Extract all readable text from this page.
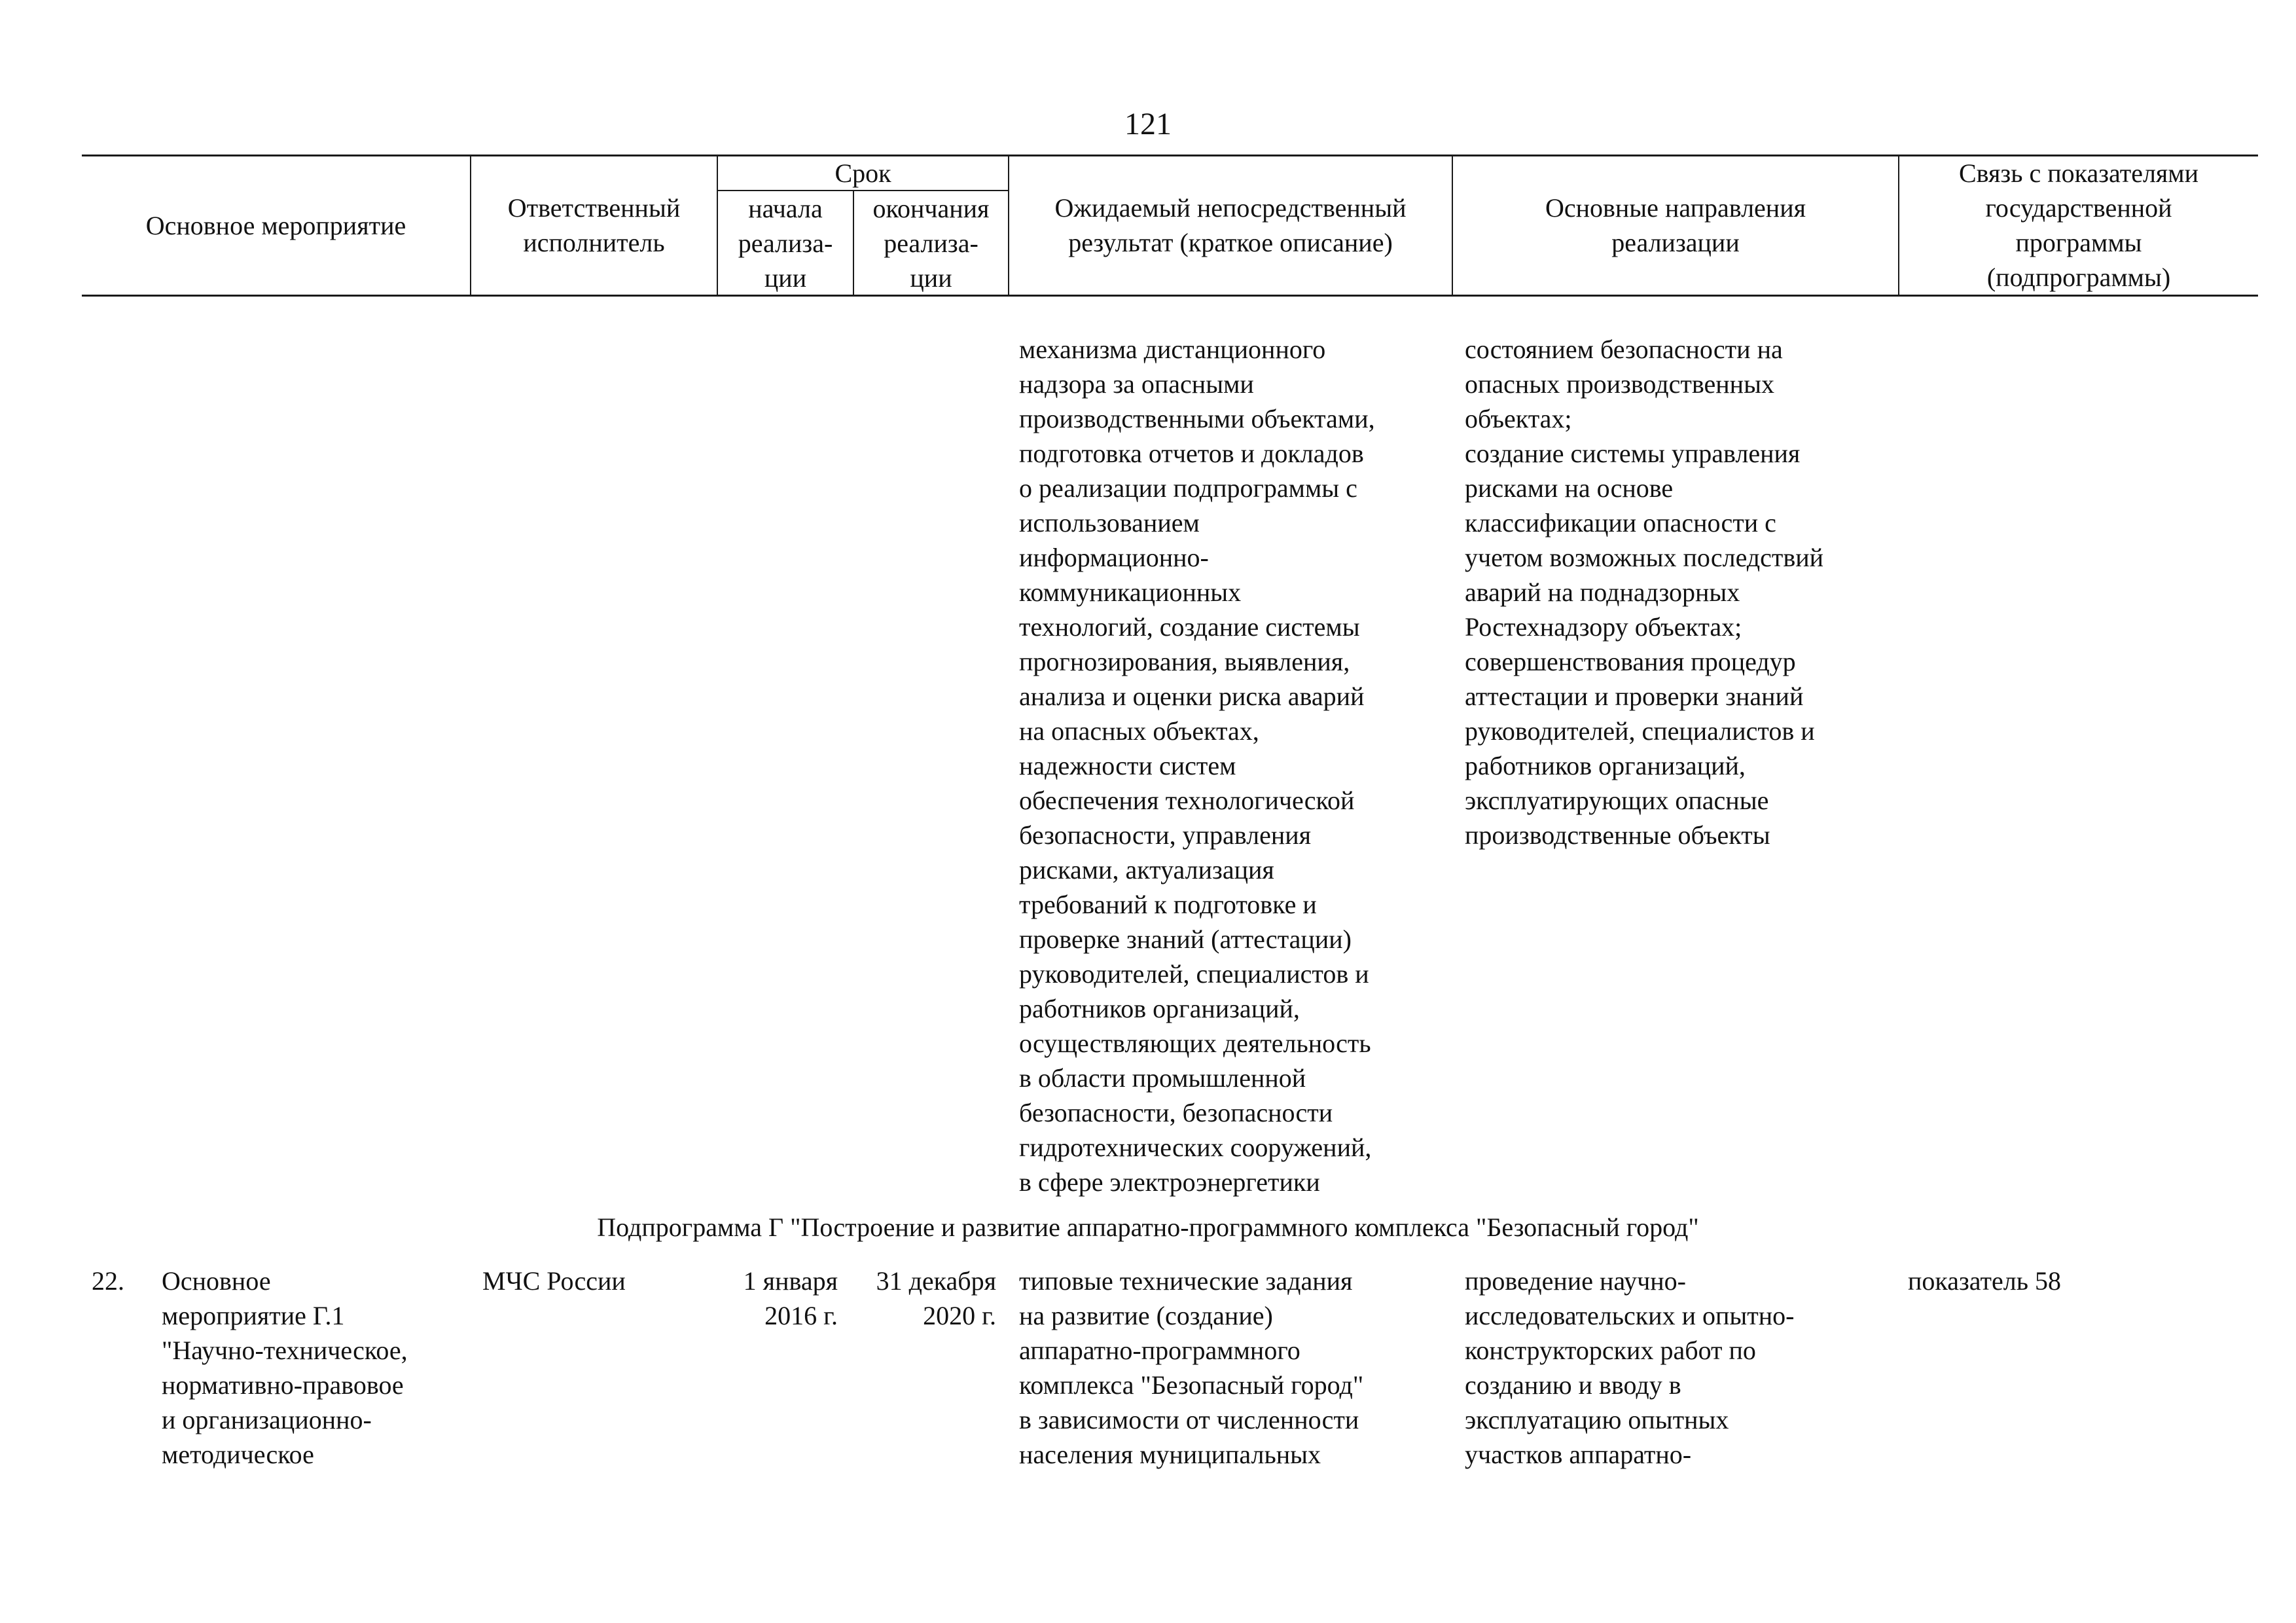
121
Основное мероприятие
Ответственный
исполнитель
Срок
начала
реализа-
ции
окончания
реализа-
ции
Ожидаемый непосредственный
результат (краткое описание)
Основные направления
реализации
Связь с показателями
государственной
программы
(подпрограммы)
механизма дистанционного
надзора за опасными
производственными объектами,
подготовка отчетов и докладов
о реализации подпрограммы с
использованием
информационно-
коммуникационных
технологий, создание системы
прогнозирования, выявления,
анализа и оценки риска аварий
на опасных объектах,
надежности систем
обеспечения технологической
безопасности, управления
рисками, актуализация
требований к подготовке и
проверке знаний (аттестации)
руководителей, специалистов и
работников организаций,
осуществляющих деятельность
в области промышленной
безопасности, безопасности
гидротехнических сооружений,
в сфере электроэнергетики
состоянием безопасности на
опасных производственных
объектах;
создание системы управления
рисками на основе
классификации опасности с
учетом возможных последствий
аварий на поднадзорных
Ростехнадзору объектах;
совершенствования процедур
аттестации и проверки знаний
руководителей, специалистов и
работников организаций,
эксплуатирующих опасные
производственные объекты
Подпрограмма Г "Построение и развитие аппаратно-программного комплекса "Безопасный город"
22.	Основное
мероприятие Г.1
"Научно-техническое,
нормативно-правовое
и организационно-
методическое
МЧС России	1 января
2016 г.
31 декабря
2020 г.
типовые технические задания
на развитие (создание)
аппаратно-программного
комплекса "Безопасный город"
в зависимости от численности
населения муниципальных
проведение научно-
исследовательских и опытно-
конструкторских работ по
созданию и вводу в
эксплуатацию опытных
участков аппаратно-
показатель 58
